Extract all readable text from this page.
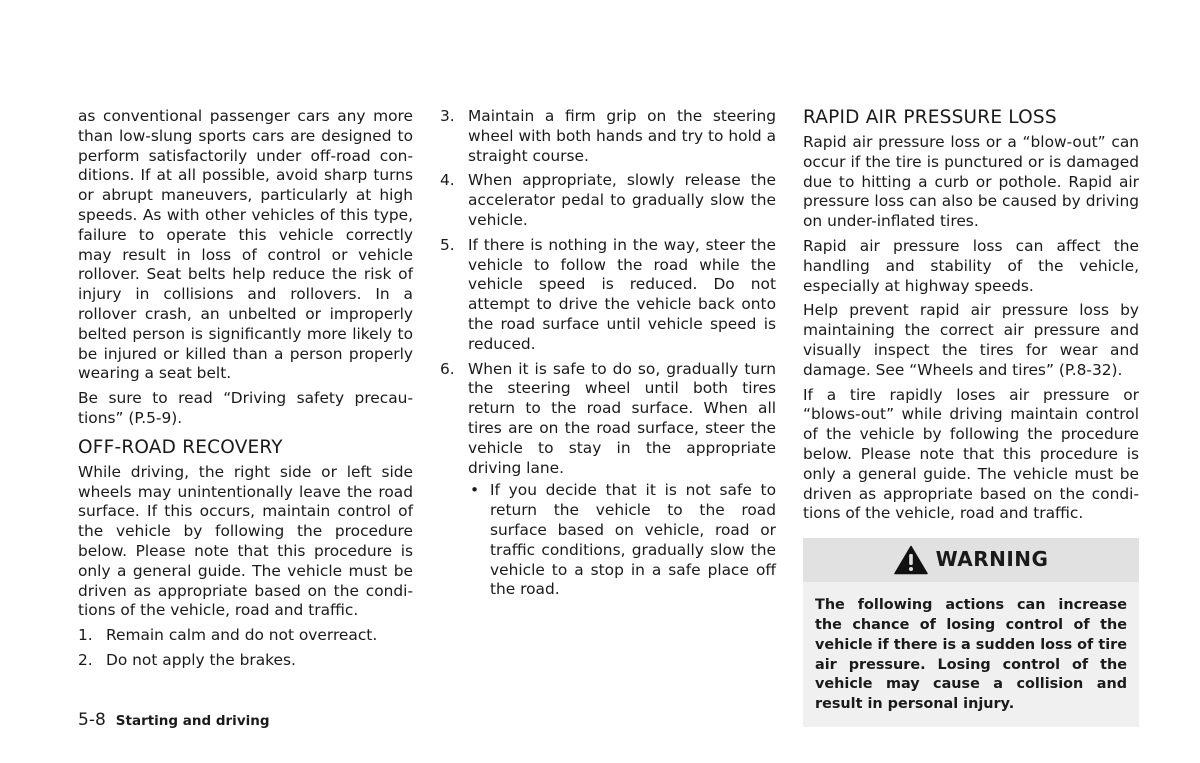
as conventional passenger cars any more than low-slung sports cars are designed to perform satisfactorily under off-road conditions. If at all possible, avoid sharp turns or abrupt maneuvers, particularly at high speeds. As with other vehicles of this type, failure to operate this vehicle correctly may result in loss of control or vehicle rollover. Seat belts help reduce the risk of injury in collisions and rollovers. In a rollover crash, an unbelted or improperly belted person is significantly more likely to be injured or killed than a person properly wearing a seat belt.

Be sure to read “Driving safety precautions” (P.5-9).

OFF-ROAD RECOVERY

While driving, the right side or left side wheels may unintentionally leave the road surface. If this occurs, maintain control of the vehicle by following the procedure below. Please note that this procedure is only a general guide. The vehicle must be driven as appropriate based on the conditions of the vehicle, road and traffic.

1. Remain calm and do not overreact.
2. Do not apply the brakes.
3. Maintain a firm grip on the steering wheel with both hands and try to hold a straight course.
4. When appropriate, slowly release the accelerator pedal to gradually slow the vehicle.
5. If there is nothing in the way, steer the vehicle to follow the road while the vehicle speed is reduced. Do not attempt to drive the vehicle back onto the road surface until vehicle speed is reduced.
6. When it is safe to do so, gradually turn the steering wheel until both tires return to the road surface. When all tires are on the road surface, steer the vehicle to stay in the appropriate driving lane.
• If you decide that it is not safe to return the vehicle to the road surface based on vehicle, road or traffic conditions, gradually slow the vehicle to a stop in a safe place off the road.
RAPID AIR PRESSURE LOSS

Rapid air pressure loss or a “blow-out” can occur if the tire is punctured or is damaged due to hitting a curb or pothole. Rapid air pressure loss can also be caused by driving on under-inflated tires.

Rapid air pressure loss can affect the handling and stability of the vehicle, especially at highway speeds.

Help prevent rapid air pressure loss by maintaining the correct air pressure and visually inspect the tires for wear and damage. See “Wheels and tires” (P.8-32).

If a tire rapidly loses air pressure or “blows-out” while driving maintain control of the vehicle by following the procedure below. Please note that this procedure is only a general guide. The vehicle must be driven as appropriate based on the conditions of the vehicle, road and traffic.

WARNING
The following actions can increase the chance of losing control of the vehicle if there is a sudden loss of tire air pressure. Losing control of the vehicle may cause a collision and result in personal injury.
5-8 Starting and driving
